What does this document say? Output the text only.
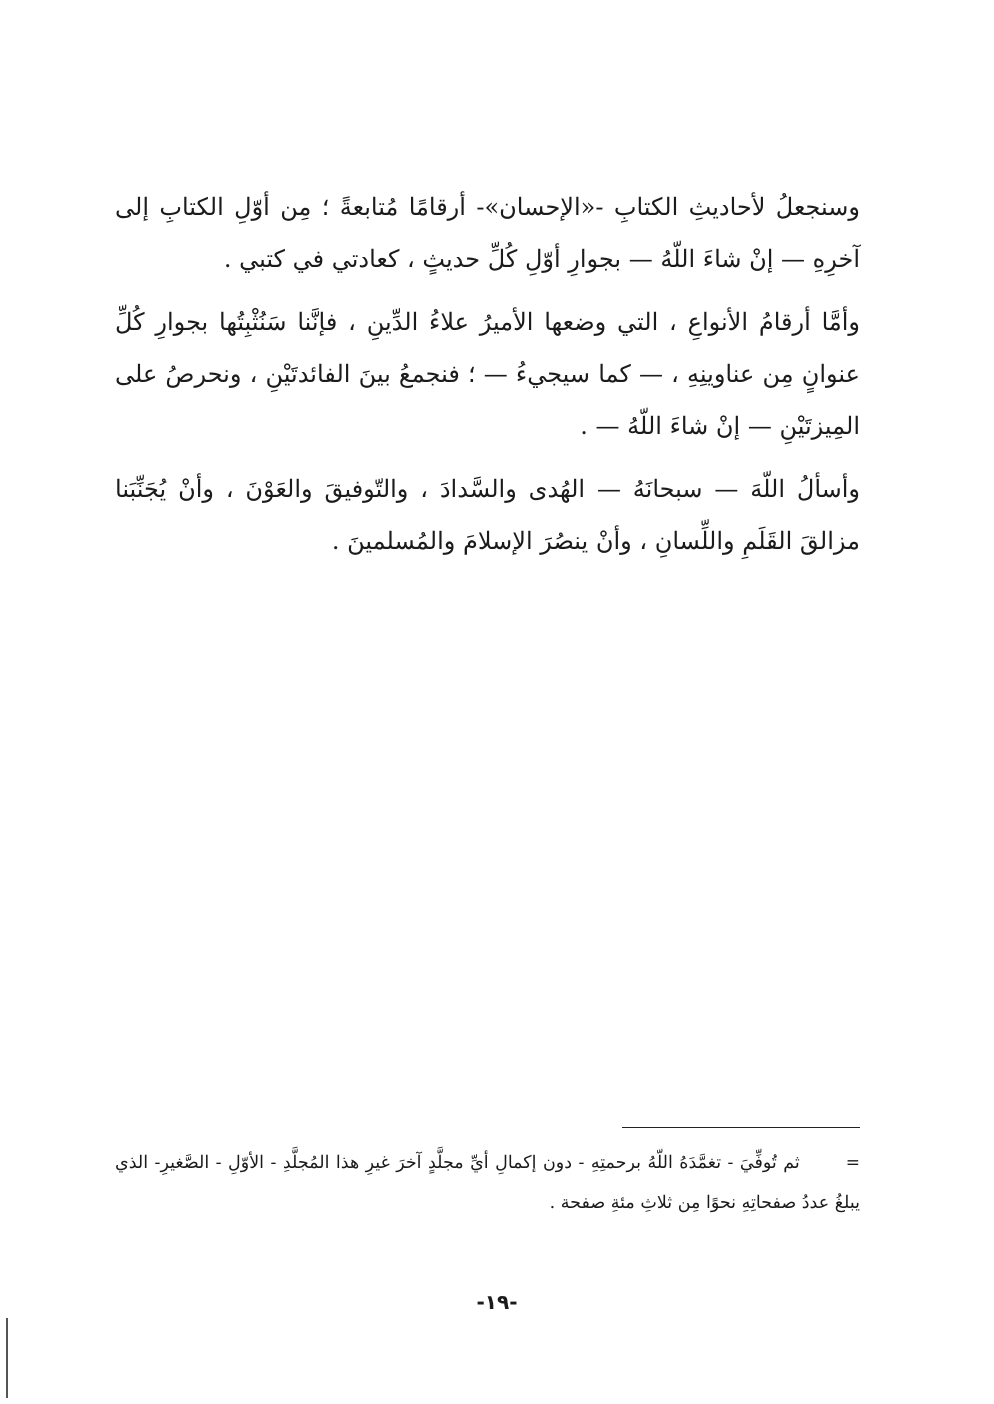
وسنجعلُ لأحاديثِ الكتابِ -«الإحسان»- أرقامًا مُتابعةً ؛ مِن أوّلِ الكتابِ إلى آخرِهِ — إنْ شاءَ اللّهُ — بجوارِ أوّلِ كُلِّ حديثٍ ، كعادتي في كتبي .

وأمَّا أرقامُ الأنواعِ ، التي وضعها الأميرُ علاءُ الدِّينِ ، فإنَّنا سَنُثْبِتُها بجوارِ كُلِّ عنوانٍ مِن عناوينِهِ ، — كما سيجيءُ — ؛ فنجمعُ بينَ الفائدتَيْنِ ، ونحرصُ على المِيزتَيْنِ — إنْ شاءَ اللّهُ — .

وأسألُ اللّهَ — سبحانَهُ — الهُدى والسَّدادَ ، والتّوفيقَ والعَوْنَ ، وأنْ يُجَنِّبَنا مزالقَ القَلَمِ واللِّسانِ ، وأنْ ينصُرَ الإسلامَ والمُسلمينَ .

=ثم تُوفِّيَ - تغمَّدَهُ اللّهُ برحمتِهِ - دون إكمالِ أيِّ مجلَّدٍ آخرَ غيرِ هذا المُجلَّدِ - الأوّلِ - الصَّغيرِ- الذي يبلغُ عددُ صفحاتِهِ نحوًا مِن ثلاثِ مئةِ صفحة .

-١٩-
